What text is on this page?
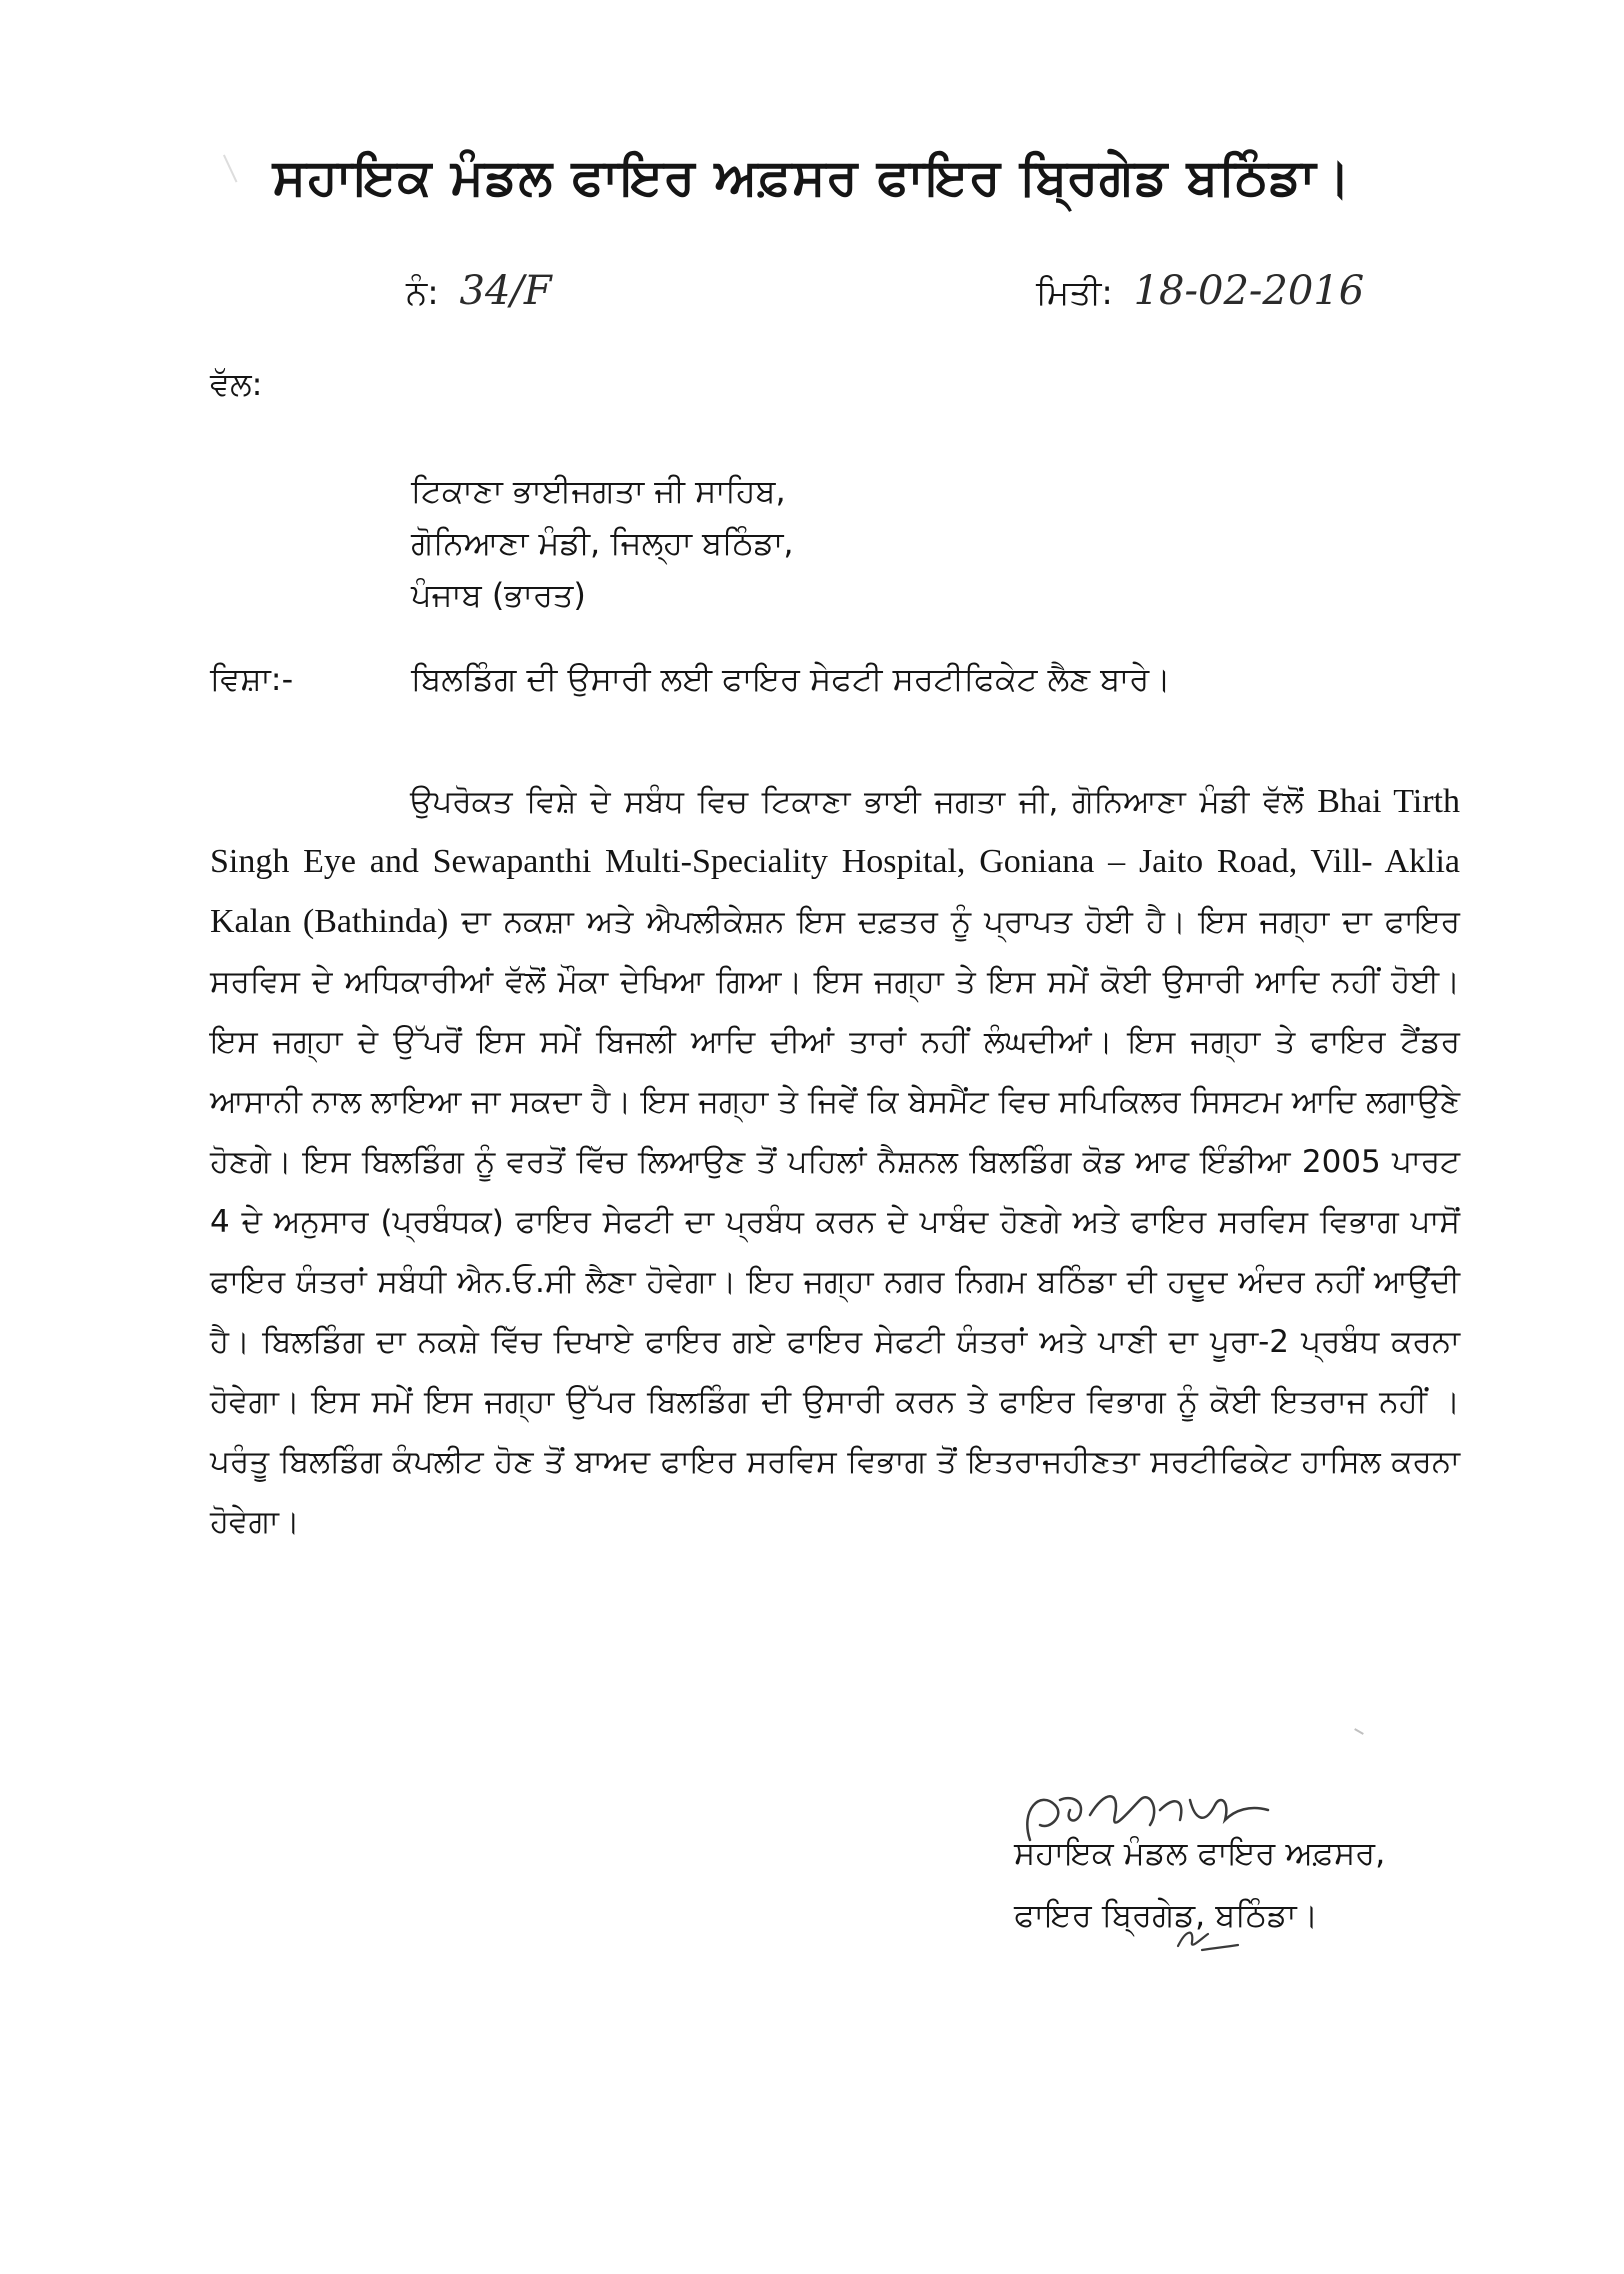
ਸਹਾਇਕ ਮੰਡਲ ਫਾਇਰ ਅਫ਼ਸਰ ਫਾਇਰ ਬ੍ਰਿਗੇਡ ਬਠਿੰਡਾ।
ਨੰ: 34/F	ਮਿਤੀ: 18-02-2016
ਵੱਲ:
ਟਿਕਾਣਾ ਭਾਈਜਗਤਾ ਜੀ ਸਾਹਿਬ,
ਗੋਨਿਆਣਾ ਮੰਡੀ, ਜਿਲ੍ਹਾ ਬਠਿੰਡਾ,
ਪੰਜਾਬ (ਭਾਰਤ)
ਵਿਸ਼ਾ:-	ਬਿਲਡਿੰਗ ਦੀ ਉਸਾਰੀ ਲਈ ਫਾਇਰ ਸੇਫਟੀ ਸਰਟੀਫਿਕੇਟ ਲੈਣ ਬਾਰੇ।
ਉਪਰੋਕਤ ਵਿਸ਼ੇ ਦੇ ਸਬੰਧ ਵਿਚ ਟਿਕਾਣਾ ਭਾਈ ਜਗਤਾ ਜੀ, ਗੋਨਿਆਣਾ ਮੰਡੀ ਵੱਲੋਂ Bhai Tirth Singh Eye and Sewapanthi Multi-Speciality Hospital, Goniana – Jaito Road, Vill- Aklia Kalan (Bathinda) ਦਾ ਨਕਸ਼ਾ ਅਤੇ ਐਪਲੀਕੇਸ਼ਨ ਇਸ ਦਫ਼ਤਰ ਨੂੰ ਪ੍ਰਾਪਤ ਹੋਈ ਹੈ। ਇਸ ਜਗ੍ਹਾ ਦਾ ਫਾਇਰ ਸਰਵਿਸ ਦੇ ਅਧਿਕਾਰੀਆਂ ਵੱਲੋਂ ਮੌਕਾ ਦੇਖਿਆ ਗਿਆ। ਇਸ ਜਗ੍ਹਾ ਤੇ ਇਸ ਸਮੇਂ ਕੋਈ ਉਸਾਰੀ ਆਦਿ ਨਹੀਂ ਹੋਈ। ਇਸ ਜਗ੍ਹਾ ਦੇ ਉੱਪਰੋਂ ਇਸ ਸਮੇਂ ਬਿਜਲੀ ਆਦਿ ਦੀਆਂ ਤਾਰਾਂ ਨਹੀਂ ਲੰਘਦੀਆਂ। ਇਸ ਜਗ੍ਹਾ ਤੇ ਫਾਇਰ ਟੈਂਡਰ ਆਸਾਨੀ ਨਾਲ ਲਾਇਆ ਜਾ ਸਕਦਾ ਹੈ। ਇਸ ਜਗ੍ਹਾ ਤੇ ਜਿਵੇਂ ਕਿ ਬੇਸਮੈਂਟ ਵਿਚ ਸਪਿਕਿਲਰ ਸਿਸਟਮ ਆਦਿ ਲਗਾਉਣੇ ਹੋਣਗੇ। ਇਸ ਬਿਲਡਿੰਗ ਨੂੰ ਵਰਤੋਂ ਵਿੱਚ ਲਿਆਉਣ ਤੋਂ ਪਹਿਲਾਂ ਨੈਸ਼ਨਲ ਬਿਲਡਿੰਗ ਕੋਡ ਆਫ ਇੰਡੀਆ 2005 ਪਾਰਟ 4 ਦੇ ਅਨੁਸਾਰ (ਪ੍ਰਬੰਧਕ) ਫਾਇਰ ਸੇਫਟੀ ਦਾ ਪ੍ਰਬੰਧ ਕਰਨ ਦੇ ਪਾਬੰਦ ਹੋਣਗੇ ਅਤੇ ਫਾਇਰ ਸਰਵਿਸ ਵਿਭਾਗ ਪਾਸੋਂ ਫਾਇਰ ਯੰਤਰਾਂ ਸਬੰਧੀ ਐਨ.ਓ.ਸੀ ਲੈਣਾ ਹੋਵੇਗਾ। ਇਹ ਜਗ੍ਹਾ ਨਗਰ ਨਿਗਮ ਬਠਿੰਡਾ ਦੀ ਹਦੂਦ ਅੰਦਰ ਨਹੀਂ ਆਉਂਦੀ ਹੈ। ਬਿਲਡਿੰਗ ਦਾ ਨਕਸ਼ੇ ਵਿੱਚ ਦਿਖਾਏ ਫਾਇਰ ਗਏ ਫਾਇਰ ਸੇਫਟੀ ਯੰਤਰਾਂ ਅਤੇ ਪਾਣੀ ਦਾ ਪੂਰਾ-2 ਪ੍ਰਬੰਧ ਕਰਨਾ ਹੋਵੇਗਾ। ਇਸ ਸਮੇਂ ਇਸ ਜਗ੍ਹਾ ਉੱਪਰ ਬਿਲਡਿੰਗ ਦੀ ਉਸਾਰੀ ਕਰਨ ਤੇ ਫਾਇਰ ਵਿਭਾਗ ਨੂੰ ਕੋਈ ਇਤਰਾਜ ਨਹੀਂ । ਪਰੰਤੂ ਬਿਲਡਿੰਗ ਕੰਪਲੀਟ ਹੋਣ ਤੋਂ ਬਾਅਦ ਫਾਇਰ ਸਰਵਿਸ ਵਿਭਾਗ ਤੋਂ ਇਤਰਾਜਹੀਣਤਾ ਸਰਟੀਫਿਕੇਟ ਹਾਸਿਲ ਕਰਨਾ ਹੋਵੇਗਾ।
ਸਹਾਇਕ ਮੰਡਲ ਫਾਇਰ ਅਫ਼ਸਰ,
ਫਾਇਰ ਬ੍ਰਿਗੇਡ, ਬਠਿੰਡਾ।
